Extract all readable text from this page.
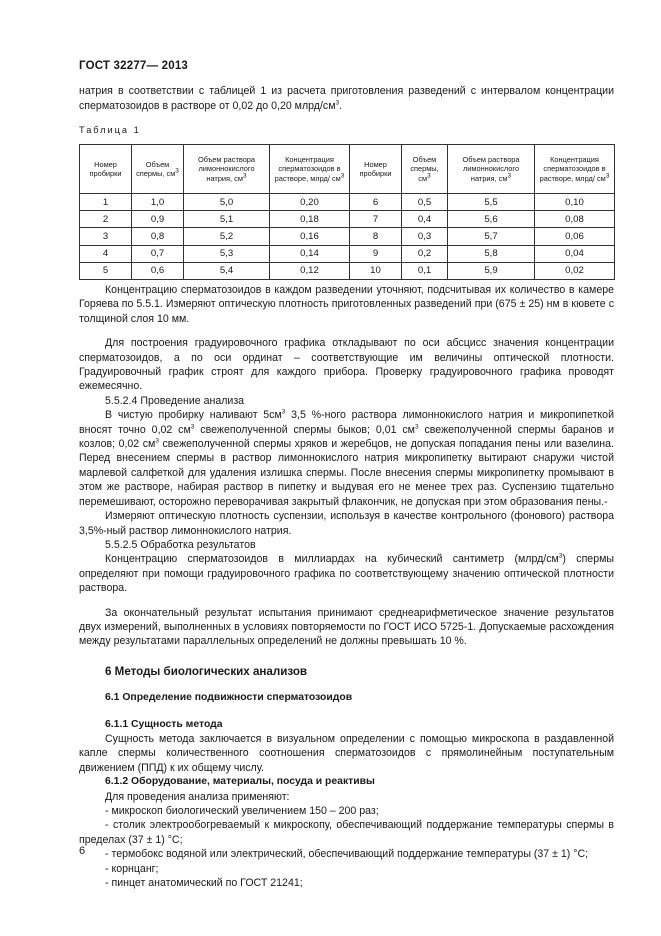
ГОСТ 32277— 2013
натрия в соответствии с таблицей 1 из расчета приготовления разведений с интервалом концентрации сперматозоидов в растворе от 0,02 до 0,20 млрд/$см^3$.
Таблица 1
Номер пробирки	Объем спермы, $см^3$	Объем раствора лимоннокислого натрия, $см^3$	Концентрация сперматозоидов в растворе, млрд/ $см^3$	Номер пробирки	Объем спермы, $см^3$	Объем раствора лимоннокислого натрия, $см^3$	Концентрация сперматозоидов в растворе, млрд/ $см^3$
1	1,0	5,0	0,20	6	0,5	5,5	0,10
2	0,9	5,1	0,18	7	0,4	5,6	0,08
3	0,8	5,2	0,16	8	0,3	5,7	0,06
4	0,7	5,3	0,14	9	0,2	5,8	0,04
5	0,6	5,4	0,12	10	0,1	5,9	0,02

Концентрацию сперматозоидов в каждом разведении уточняют, подсчитывая их количество в камере Горяева по 5.5.1. Измеряют оптическую плотность приготовленных разведений при (675 ± 25) нм в кювете с толщиной слоя 10 мм.

Для построения градуировочного графика откладывают по оси абсцисс значения концентрации сперматозоидов, а по оси ординат – соответствующие им величины оптической плотности. Градуировочный график строят для каждого прибора. Проверку градуировочного графика проводят ежемесячно.

5.5.2.4 Проведение анализа

В чистую пробирку наливают $5см^3$ 3,5 %-ного раствора лимоннокислого натрия и микропипеткой вносят точно 0,02 $см^3$ свежеполученной спермы быков; 0,01 $см^3$ свежеполученной спермы баранов и козлов; 0,02 $см^3$ свежеполученной спермы хряков и жеребцов, не допуская попадания пены или вазелина. Перед внесением спермы в раствор лимоннокислого натрия микропипетку вытирают снаружи чистой марлевой салфеткой для удаления излишка спермы. После внесения спермы микропипетку промывают в этом же растворе, набирая раствор в пипетку и выдувая его не менее трех раз. Суспензию тщательно перемешивают, осторожно переворачивая закрытый флакончик, не допуская при этом образования пены.-

Измеряют оптическую плотность суспензии, используя в качестве контрольного (фонового) раствора 3,5%-ный раствор лимоннокислого натрия.

5.5.2.5 Обработка результатов

Концентрацию сперматозоидов в миллиардах на кубический сантиметр $(млрд/см^3)$ спермы определяют при помощи градуировочного графика по соответствующему значению оптической плотности раствора.

За окончательный результат испытания принимают среднеарифметическое значение результатов двух измерений, выполненных в условиях повторяемости по ГОСТ ИСО 5725-1. Допускаемые расхождения между результатами параллельных определений не должны превышать 10 %.

6 Методы биологических анализов

6.1 Определение подвижности сперматозоидов

6.1.1 Сущность метода

Сущность метода заключается в визуальном определении с помощью микроскопа в раздавленной капле спермы количественного соотношения сперматозоидов с прямолинейным поступательным движением (ППД) к их общему числу.

6.1.2 Оборудование, материалы, посуда и реактивы

Для проведения анализа применяют:

- микроскоп биологический увеличением 150 – 200 раз;

- столик электрообогреваемый к микроскопу, обеспечивающий поддержание температуры спермы в пределах (37 ± 1) °С;

- термобокс водяной или электрический, обеспечивающий поддержание температуры (37 ± 1) °С;

- корнцанг;

- пинцет анатомический по ГОСТ 21241;

6
